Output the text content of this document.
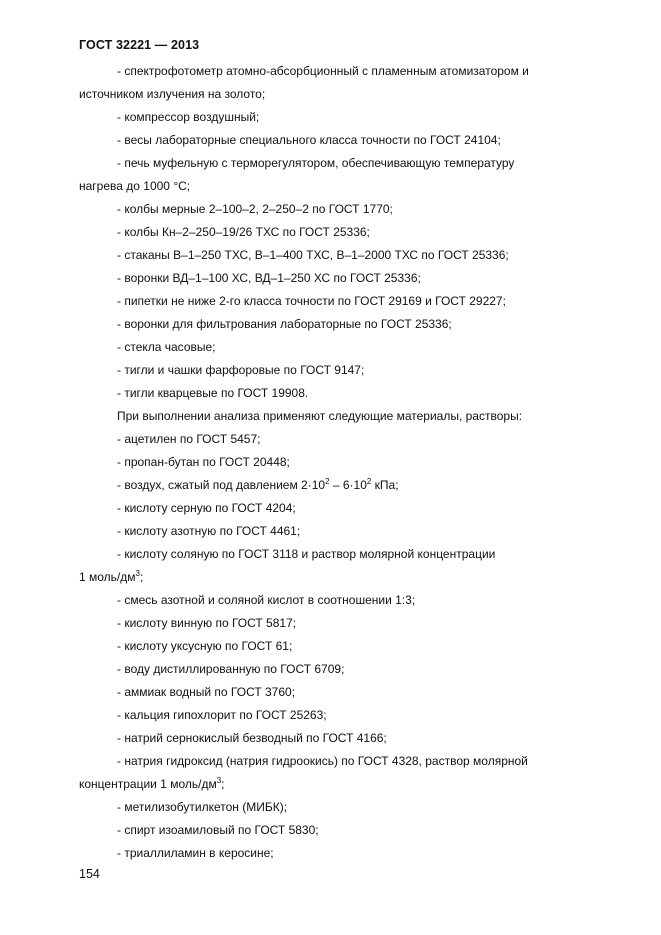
ГОСТ 32221 — 2013
- спектрофотометр атомно-абсорбционный с пламенным атомизатором и
источником излучения на золото;
- компрессор воздушный;
- весы лабораторные специального класса точности по ГОСТ 24104;
- печь муфельную с терморегулятором, обеспечивающую температуру
нагрева до 1000 °C;
- колбы мерные 2–100–2, 2–250–2 по ГОСТ 1770;
- колбы Кн–2–250–19/26 ТХС по ГОСТ 25336;
- стаканы В–1–250 ТХС, В–1–400 ТХС, В–1–2000 ТХС по ГОСТ 25336;
- воронки ВД–1–100 ХС, ВД–1–250 ХС по ГОСТ 25336;
- пипетки не ниже 2-го класса точности по ГОСТ 29169 и ГОСТ 29227;
- воронки для фильтрования лабораторные по ГОСТ 25336;
- стекла часовые;
- тигли и чашки фарфоровые по ГОСТ 9147;
- тигли кварцевые по ГОСТ 19908.
При выполнении анализа применяют следующие материалы, растворы:
- ацетилен по ГОСТ 5457;
- пропан-бутан по ГОСТ 20448;
- воздух, сжатый под давлением $2\cdot 10^2 - 6\cdot 10^2$ кПа;
- кислоту серную по ГОСТ 4204;
- кислоту азотную по ГОСТ 4461;
- кислоту соляную по ГОСТ 3118 и раствор молярной концентрации
1 моль/$дм^3$;
- смесь азотной и соляной кислот в соотношении 1:3;
- кислоту винную по ГОСТ 5817;
- кислоту уксусную по ГОСТ 61;
- воду дистиллированную по ГОСТ 6709;
- аммиак водный по ГОСТ 3760;
- кальция гипохлорит по ГОСТ 25263;
- натрий сернокислый безводный по ГОСТ 4166;
- натрия гидроксид (натрия гидроокись) по ГОСТ 4328, раствор молярной
концентрации 1 моль/$дм^3$;
- метилизобутилкетон (МИБК);
- спирт изоамиловый по ГОСТ 5830;
- триаллиламин в керосине;
154
